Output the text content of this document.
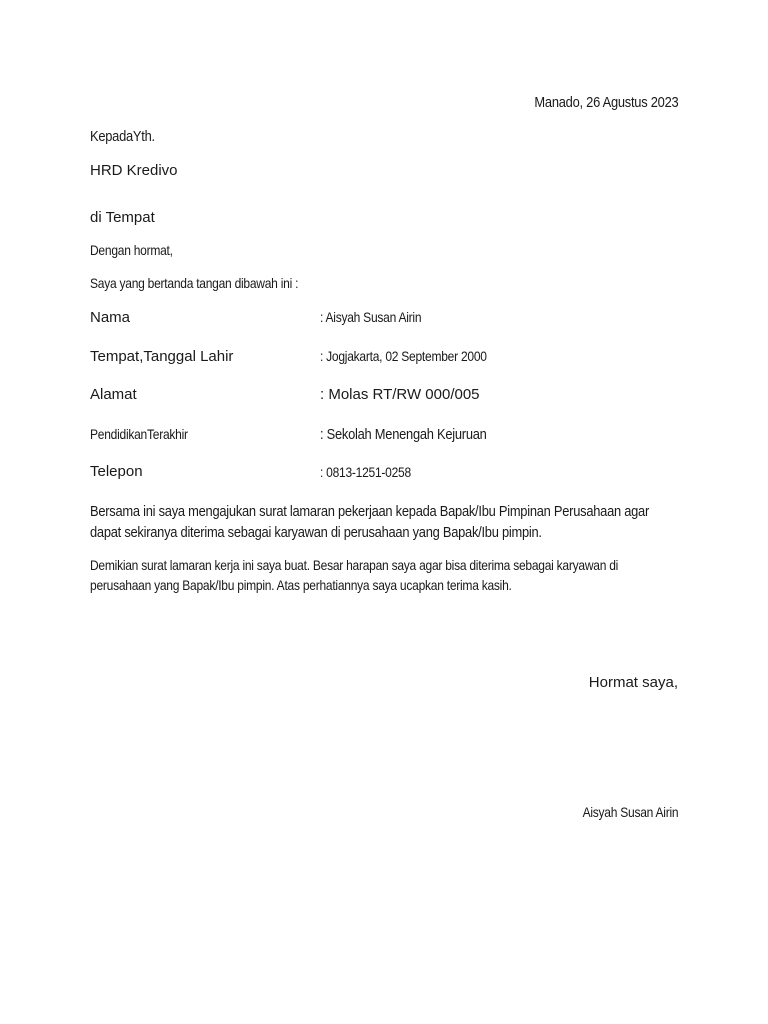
Manado, 26 Agustus 2023
KepadaYth.
HRD Kredivo
di Tempat
Dengan hormat,
Saya yang bertanda tangan dibawah ini :
Nama	: Aisyah Susan Airin
Tempat,Tanggal Lahir	: Jogjakarta, 02 September 2000
Alamat	: Molas RT/RW 000/005
PendidikanTerakhir	: Sekolah Menengah Kejuruan
Telepon	: 0813-1251-0258
Bersama ini saya mengajukan surat lamaran pekerjaan kepada Bapak/Ibu Pimpinan Perusahaan agar
dapat sekiranya diterima sebagai karyawan di perusahaan yang Bapak/Ibu pimpin.
Demikian surat lamaran kerja ini saya buat. Besar harapan saya agar bisa diterima sebagai karyawan di
perusahaan yang Bapak/Ibu pimpin. Atas perhatiannya saya ucapkan terima kasih.
Hormat saya,
Aisyah Susan Airin
